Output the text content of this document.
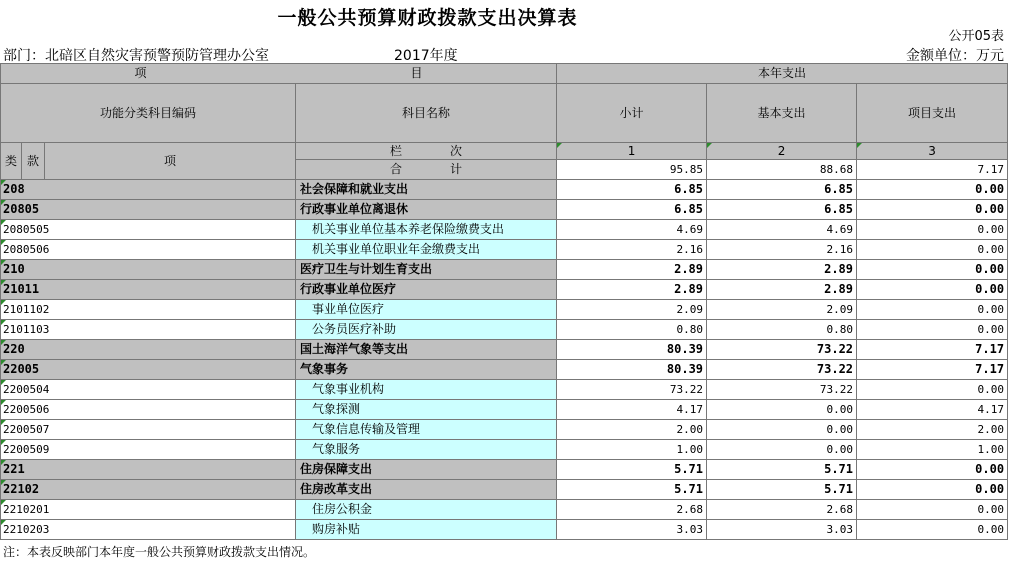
一般公共预算财政拨款支出决算表
公开05表
部门：北碚区自然灾害预警预防管理办公室	2017年度	金额单位：万元
项　　　　　　　　　　　　　　　　　　　　　　目				本年支出		
功能分类科目编码			科目名称	小计	基本支出	项目支出

类	款	项	栏　　　　次	1	2	3
			合　　　　计	95.85	88.68	7.17
208			社会保障和就业支出	6.85	6.85	0.00
20805			行政事业单位离退休	6.85	6.85	0.00
2080505			机关事业单位基本养老保险缴费支出	4.69	4.69	0.00
2080506			机关事业单位职业年金缴费支出	2.16	2.16	0.00
210			医疗卫生与计划生育支出	2.89	2.89	0.00
21011			行政事业单位医疗	2.89	2.89	0.00
2101102			事业单位医疗	2.09	2.09	0.00
2101103			公务员医疗补助	0.80	0.80	0.00
220			国土海洋气象等支出	80.39	73.22	7.17
22005			气象事务	80.39	73.22	7.17
2200504			气象事业机构	73.22	73.22	0.00
2200506			气象探测	4.17	0.00	4.17
2200507			气象信息传输及管理	2.00	0.00	2.00
2200509			气象服务	1.00	0.00	1.00
221			住房保障支出	5.71	5.71	0.00
22102			住房改革支出	5.71	5.71	0.00
2210201			住房公积金	2.68	2.68	0.00
2210203			购房补贴	3.03	3.03	0.00
注：本表反映部门本年度一般公共预算财政拨款支出情况。
